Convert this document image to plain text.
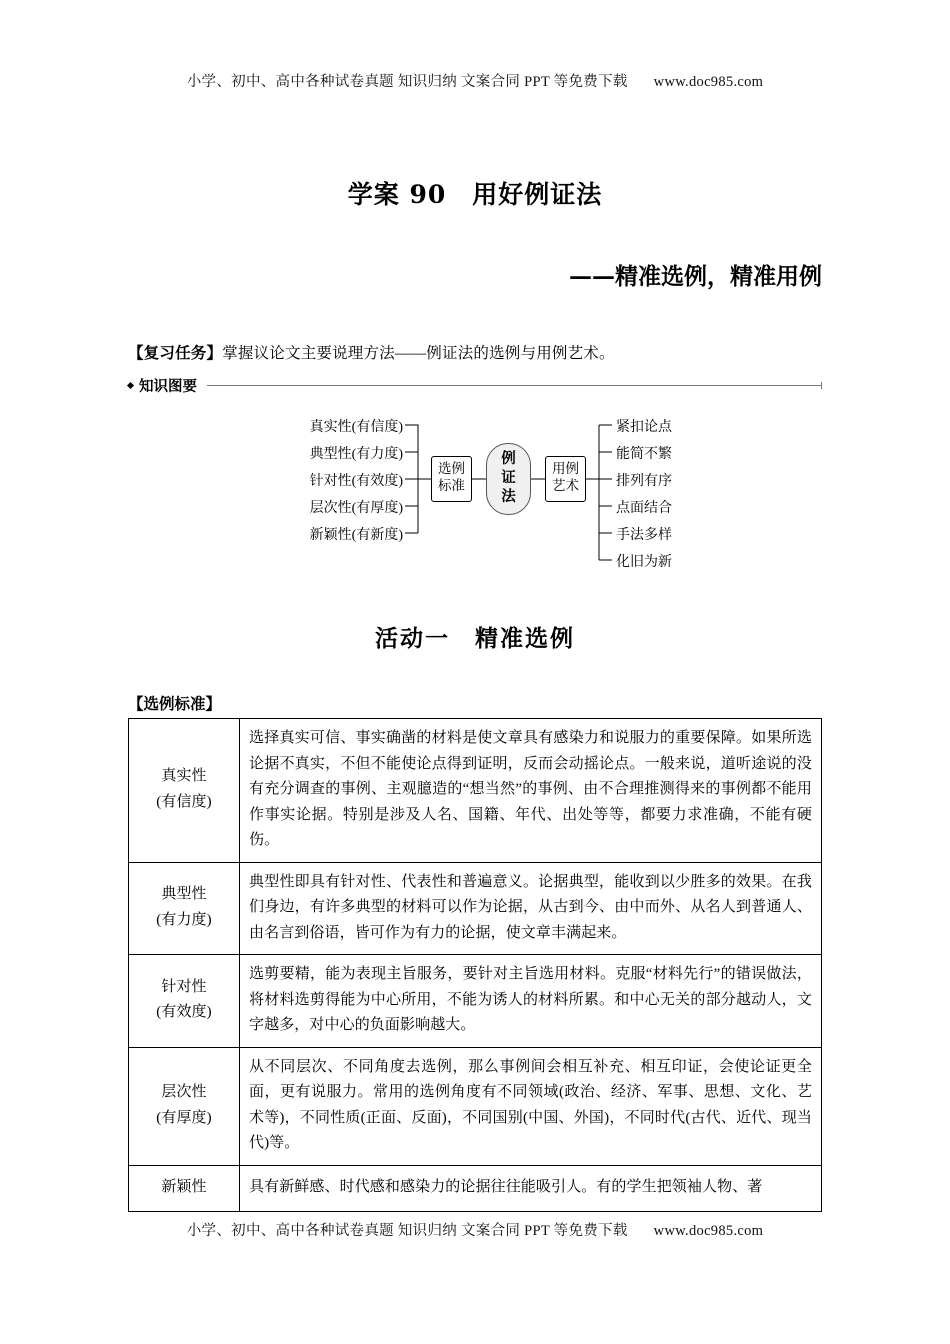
小学、初中、高中各种试卷真题 知识归纳 文案合同 PPT 等免费下载 www.doc985.com
学案 90　用好例证法
——精准选例，精准用例
【复习任务】掌握议论文主要说理方法——例证法的选例与用例艺术。
知识图要
真实性(有信度)
典型性(有力度)
针对性(有效度)
层次性(有厚度)
新颖性(有新度)
选例
标准
例
证
法
用例
艺术
紧扣论点
能简不繁
排列有序
点面结合
手法多样
化旧为新
活动一　精准选例
【选例标准】
真实性
(有信度)	选择真实可信、事实确凿的材料是使文章具有感染力和说服力的重要保障。如果所选论据不真实，不但不能使论点得到证明，反而会动摇论点。一般来说，道听途说的没有充分调查的事例、主观臆造的“想当然”的事例、由不合理推测得来的事例都不能用作事实论据。特别是涉及人名、国籍、年代、出处等等，都要力求准确，不能有硬伤。

典型性
(有力度)	典型性即具有针对性、代表性和普遍意义。论据典型，能收到以少胜多的效果。在我们身边，有许多典型的材料可以作为论据，从古到今、由中而外、从名人到普通人、由名言到俗语，皆可作为有力的论据，使文章丰满起来。

针对性
(有效度)	选剪要精，能为表现主旨服务，要针对主旨选用材料。克服“材料先行”的错误做法，将材料选剪得能为中心所用，不能为诱人的材料所累。和中心无关的部分越动人，文字越多，对中心的负面影响越大。

层次性
(有厚度)	从不同层次、不同角度去选例，那么事例间会相互补充、相互印证，会使论证更全面，更有说服力。常用的选例角度有不同领域(政治、经济、军事、思想、文化、艺术等)，不同性质(正面、反面)，不同国别(中国、外国)，不同时代(古代、近代、现当代)等。

新颖性	具有新鲜感、时代感和感染力的论据往往能吸引人。有的学生把领袖人物、著
小学、初中、高中各种试卷真题 知识归纳 文案合同 PPT 等免费下载 www.doc985.com
